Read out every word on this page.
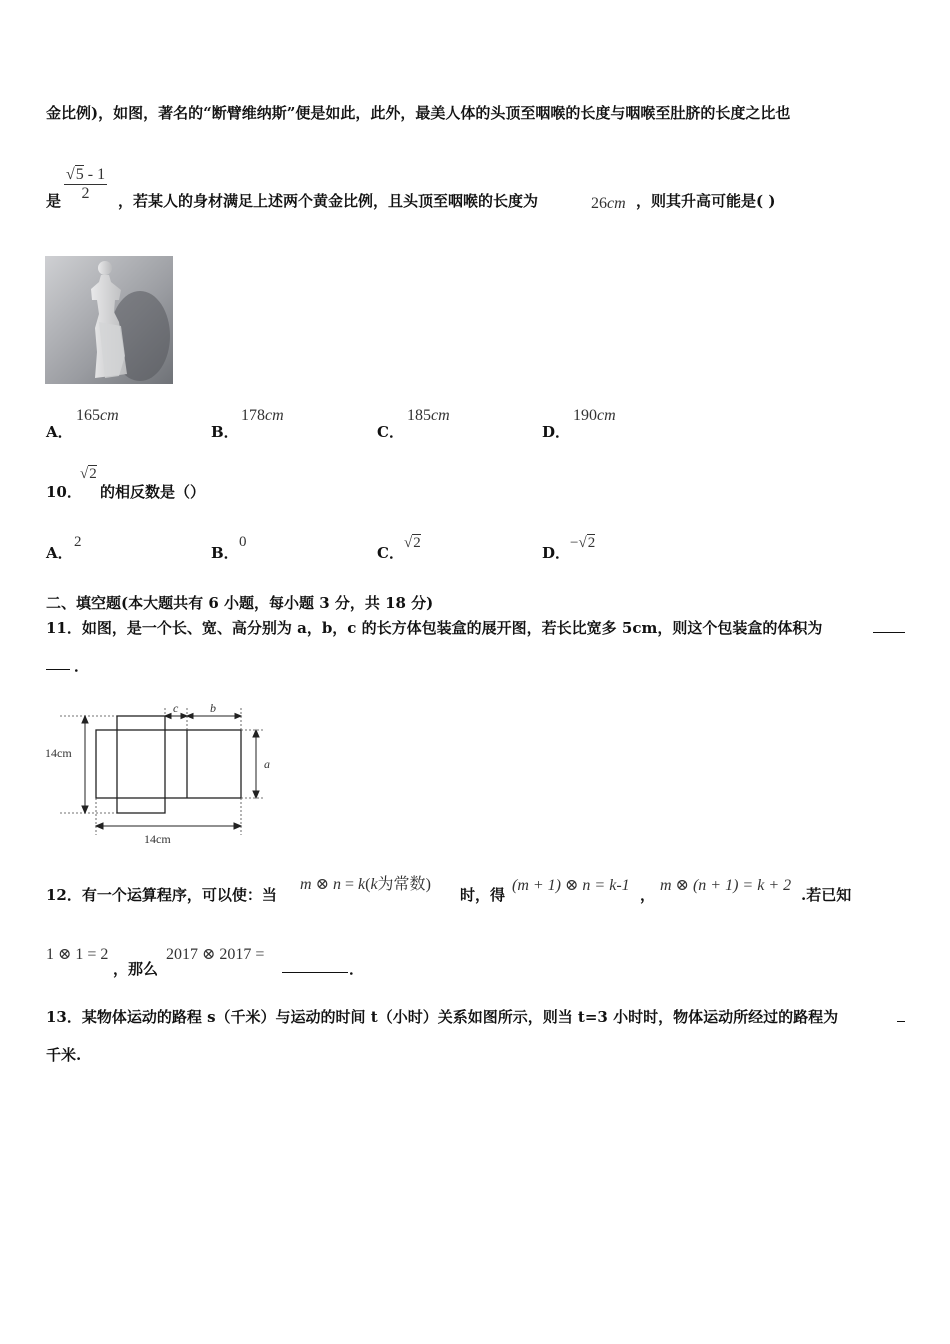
金比例)，如图，著名的“断臂维纳斯”便是如此，此外，最美人体的头顶至咽喉的长度与咽喉至肚脐的长度之比也
是 $\frac{√5 - 1}{2}$ ，若某人的身材满足上述两个黄金比例，且头顶至咽喉的长度为	26cm ，则其升高可能是( )
A．
165cm
B．
178cm
C．
185cm
D．
190cm
10．
√2
的相反数是（）
A．
2
B．
0
C．
√2
D．
−√2
二、填空题(本大题共有 6 小题，每小题 3 分，共 18 分)
11．如图，是一个长、宽、高分别为 a，b，c 的长方体包装盒的展开图，若长比宽多 5cm，则这个包装盒的体积为
．
14cm
14cm
c	b
a
12．有一个运算程序，可以使：当
m ⊗ n = k(k为常数)
时，得
(m + 1) ⊗ n = k-1
，
m ⊗ (n + 1) = k + 2
.若已知
1 ⊗ 1 = 2
，那么
2017 ⊗ 2017 =
．
13．某物体运动的路程 s（千米）与运动的时间 t（小时）关系如图所示，则当 t=3 小时时，物体运动所经过的路程为
千米.
